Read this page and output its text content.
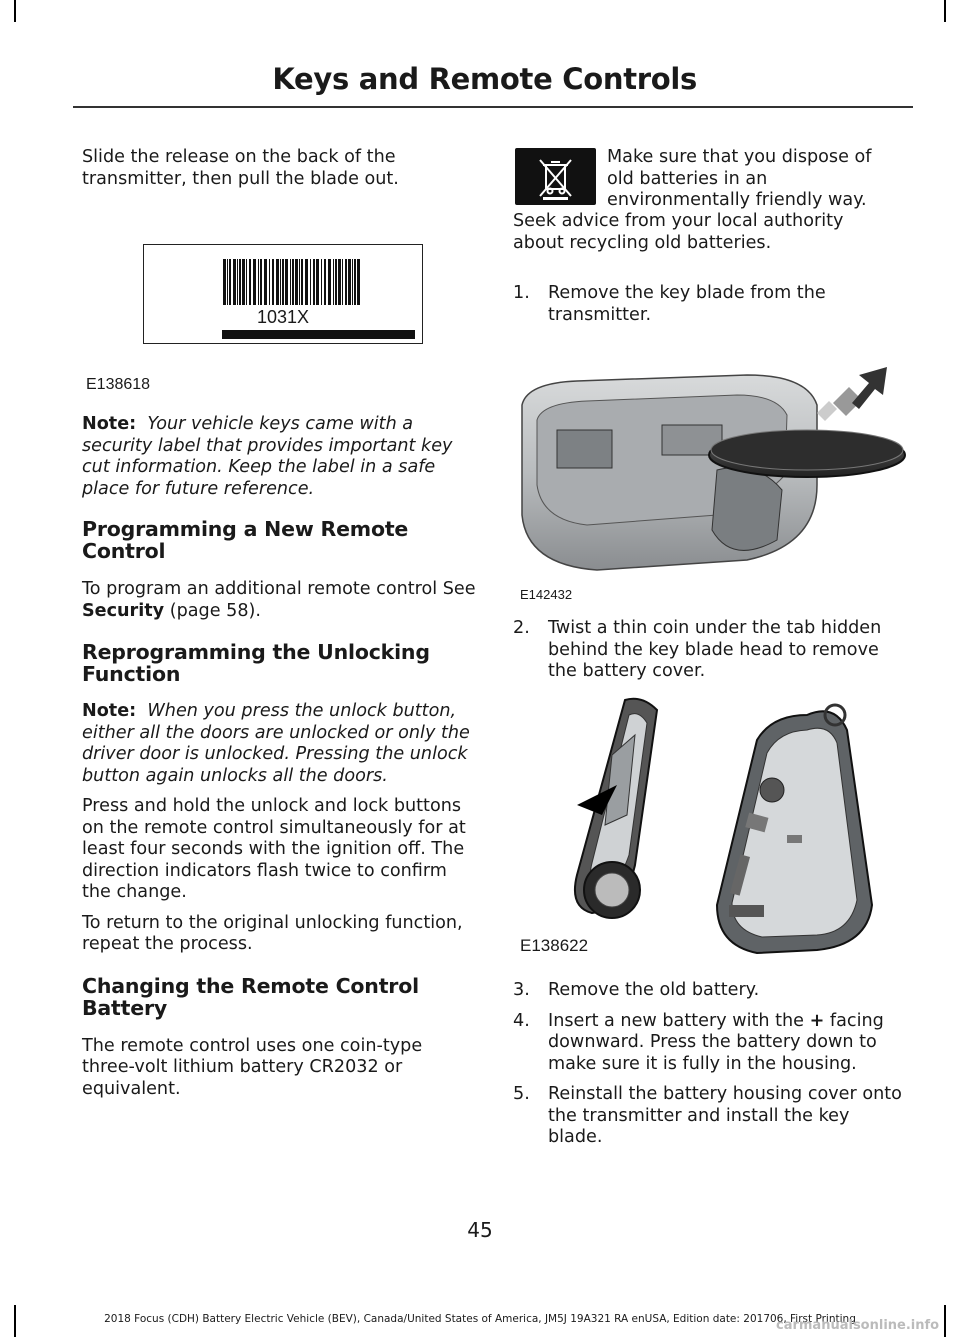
Keys and Remote Controls

Slide the release on the back of the transmitter, then pull the blade out.

1031X
E138618

Note: Your vehicle keys came with a security label that provides important key cut information. Keep the label in a safe place for future reference.

Programming a New Remote Control

To program an additional remote control See Security (page 58).

Reprogramming the Unlocking Function

Note: When you press the unlock button, either all the doors are unlocked or only the driver door is unlocked. Pressing the unlock button again unlocks all the doors.

Press and hold the unlock and lock buttons on the remote control simultaneously for at least four seconds with the ignition off. The direction indicators flash twice to confirm the change.

To return to the original unlocking function, repeat the process.

Changing the Remote Control Battery

The remote control uses one coin-type three-volt lithium battery CR2032 or equivalent.

Make sure that you dispose of old batteries in an environmentally friendly way.
Seek advice from your local authority about recycling old batteries.
1. Remove the key blade from the transmitter.
E142432
2. Twist a thin coin under the tab hidden behind the key blade head to remove the battery cover.
E138622
3. Remove the old battery.
4. Insert a new battery with the + facing downward. Press the battery down to make sure it is fully in the housing.
5. Reinstall the battery housing cover onto the transmitter and install the key blade.
45
2018 Focus (CDH) Battery Electric Vehicle (BEV), Canada/United States of America, JM5J 19A321 RA enUSA, Edition date: 201706, First Printing
carmanualsonline.info
